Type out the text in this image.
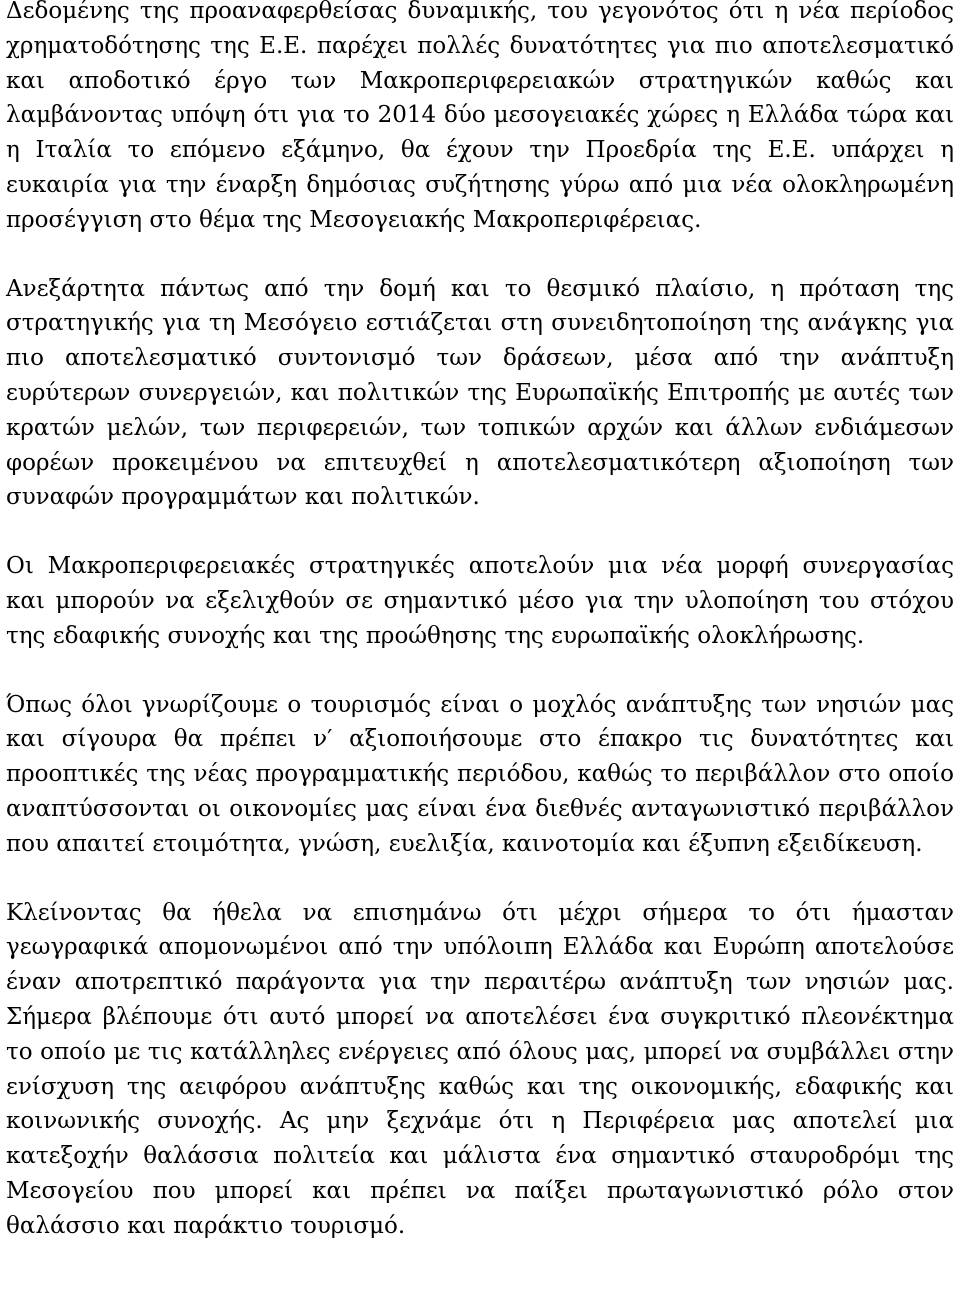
Δεδομένης της προαναφερθείσας δυναμικής, του γεγονότος ότι η νέα περίοδος χρηματοδότησης της Ε.Ε. παρέχει πολλές δυνατότητες για πιο αποτελεσματικό και αποδοτικό έργο των Μακροπεριφερειακών στρατηγικών καθώς και λαμβάνοντας υπόψη ότι για το 2014 δύο μεσογειακές χώρες η Ελλάδα τώρα και η Ιταλία το επόμενο εξάμηνο, θα έχουν την Προεδρία της Ε.Ε. υπάρχει η ευκαιρία για την έναρξη δημόσιας συζήτησης γύρω από μια νέα ολοκληρωμένη προσέγγιση στο θέμα της Μεσογειακής Μακροπεριφέρειας.

Ανεξάρτητα πάντως από την δομή και το θεσμικό πλαίσιο, η πρόταση της στρατηγικής για τη Μεσόγειο εστιάζεται στη συνειδητοποίηση της ανάγκης για πιο αποτελεσματικό συντονισμό των δράσεων, μέσα από την ανάπτυξη ευρύτερων συνεργειών, και πολιτικών της Ευρωπαϊκής Επιτροπής με αυτές των κρατών μελών, των περιφερειών, των τοπικών αρχών και άλλων ενδιάμεσων φορέων προκειμένου να επιτευχθεί η αποτελεσματικότερη αξιοποίηση των συναφών προγραμμάτων και πολιτικών.

Οι Μακροπεριφερειακές στρατηγικές αποτελούν μια νέα μορφή συνεργασίας και μπορούν να εξελιχθούν σε σημαντικό μέσο για την υλοποίηση του στόχου της εδαφικής συνοχής και της προώθησης της ευρωπαϊκής ολοκλήρωσης.

Όπως όλοι γνωρίζουμε ο τουρισμός είναι ο μοχλός ανάπτυξης των νησιών μας και σίγουρα θα πρέπει ν′ αξιοποιήσουμε στο έπακρο τις δυνατότητες και προοπτικές της νέας προγραμματικής περιόδου, καθώς το περιβάλλον στο οποίο αναπτύσσονται οι οικονομίες μας είναι ένα διεθνές ανταγωνιστικό περιβάλλον που απαιτεί ετοιμότητα, γνώση, ευελιξία, καινοτομία και έξυπνη εξειδίκευση.

Κλείνοντας θα ήθελα να επισημάνω ότι μέχρι σήμερα το ότι ήμασταν γεωγραφικά απομονωμένοι από την υπόλοιπη Ελλάδα και Ευρώπη αποτελούσε έναν αποτρεπτικό παράγοντα για την περαιτέρω ανάπτυξη των νησιών μας. Σήμερα βλέπουμε ότι αυτό μπορεί να αποτελέσει ένα συγκριτικό πλεονέκτημα το οποίο με τις κατάλληλες ενέργειες από όλους μας, μπορεί να συμβάλλει στην ενίσχυση της αειφόρου ανάπτυξης καθώς και της οικονομικής, εδαφικής και κοινωνικής συνοχής. Ας μην ξεχνάμε ότι η Περιφέρεια μας αποτελεί μια κατεξοχήν θαλάσσια πολιτεία και μάλιστα ένα σημαντικό σταυροδρόμι της Μεσογείου που μπορεί και πρέπει να παίξει πρωταγωνιστικό ρόλο στον θαλάσσιο και παράκτιο τουρισμό.
